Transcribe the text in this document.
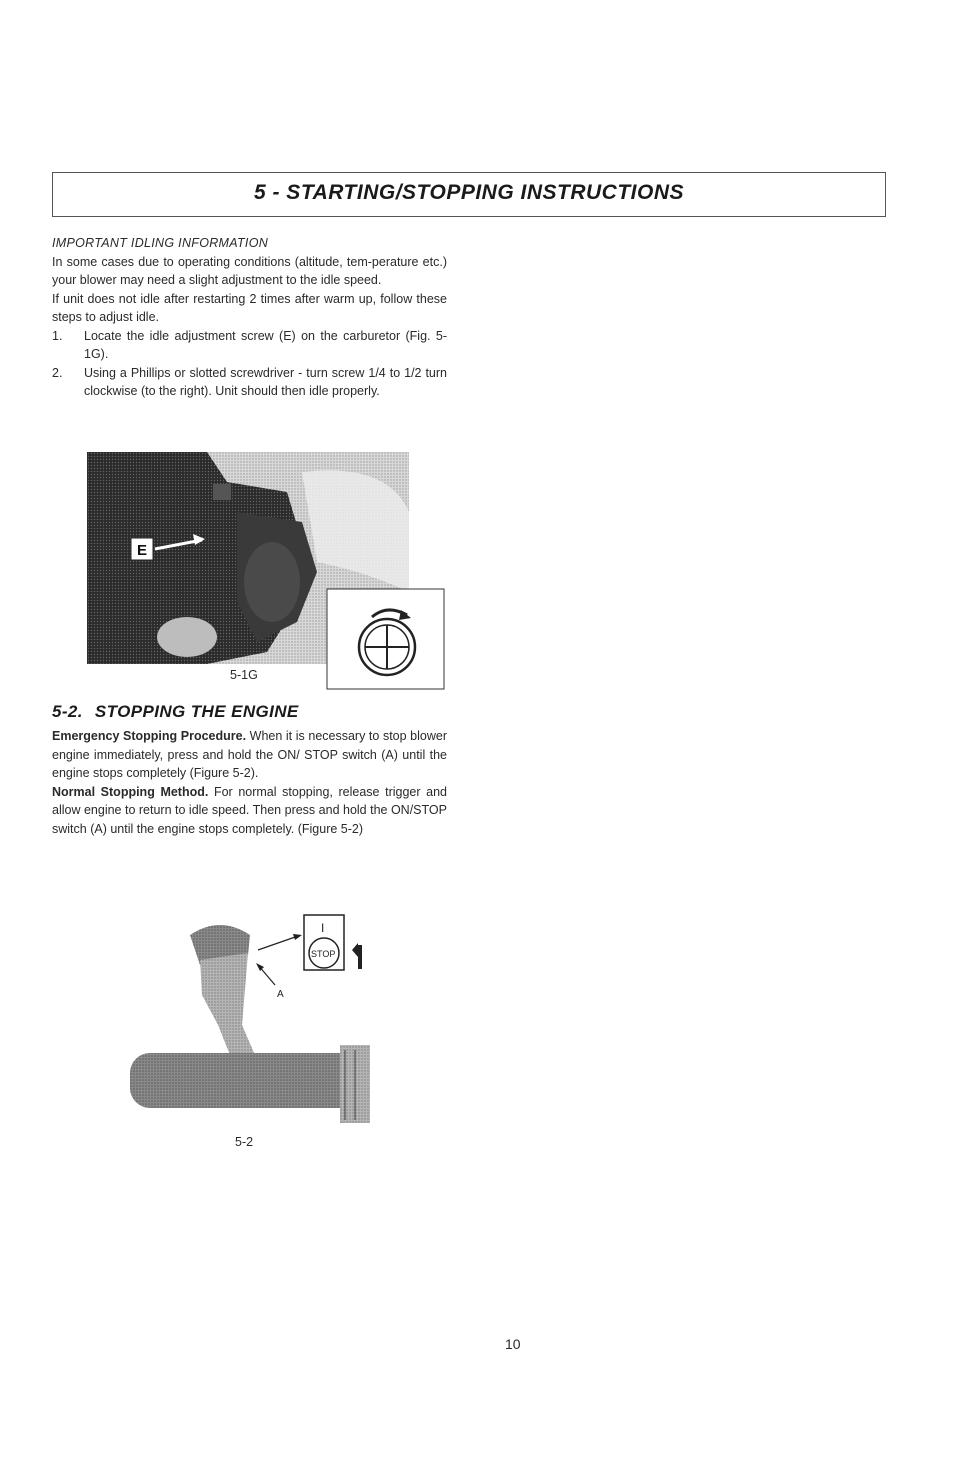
5 - STARTING/STOPPING INSTRUCTIONS
IMPORTANT IDLING INFORMATION

In some cases due to operating conditions (altitude, tem-perature etc.) your blower may need a slight adjustment to the idle speed.

If unit does not idle after restarting 2 times after warm up, follow these steps to adjust idle.

1. Locate the idle adjustment screw (E) on the carburetor (Fig. 5-1G).
2. Using a Phillips or slotted screwdriver - turn screw 1/4 to 1/2 turn clockwise (to the right). Unit should then idle properly.
E
5-1G
5-2. STOPPING THE ENGINE

Emergency Stopping Procedure. When it is necessary to stop blower engine immediately, press and hold the ON/ STOP switch (A) until the engine stops completely (Figure 5-2).

Normal Stopping Method. For normal stopping, release trigger and allow engine to return to idle speed. Then press and hold the ON/STOP switch (A) until the engine stops completely. (Figure 5-2)

A
I
STOP
5-2
10
